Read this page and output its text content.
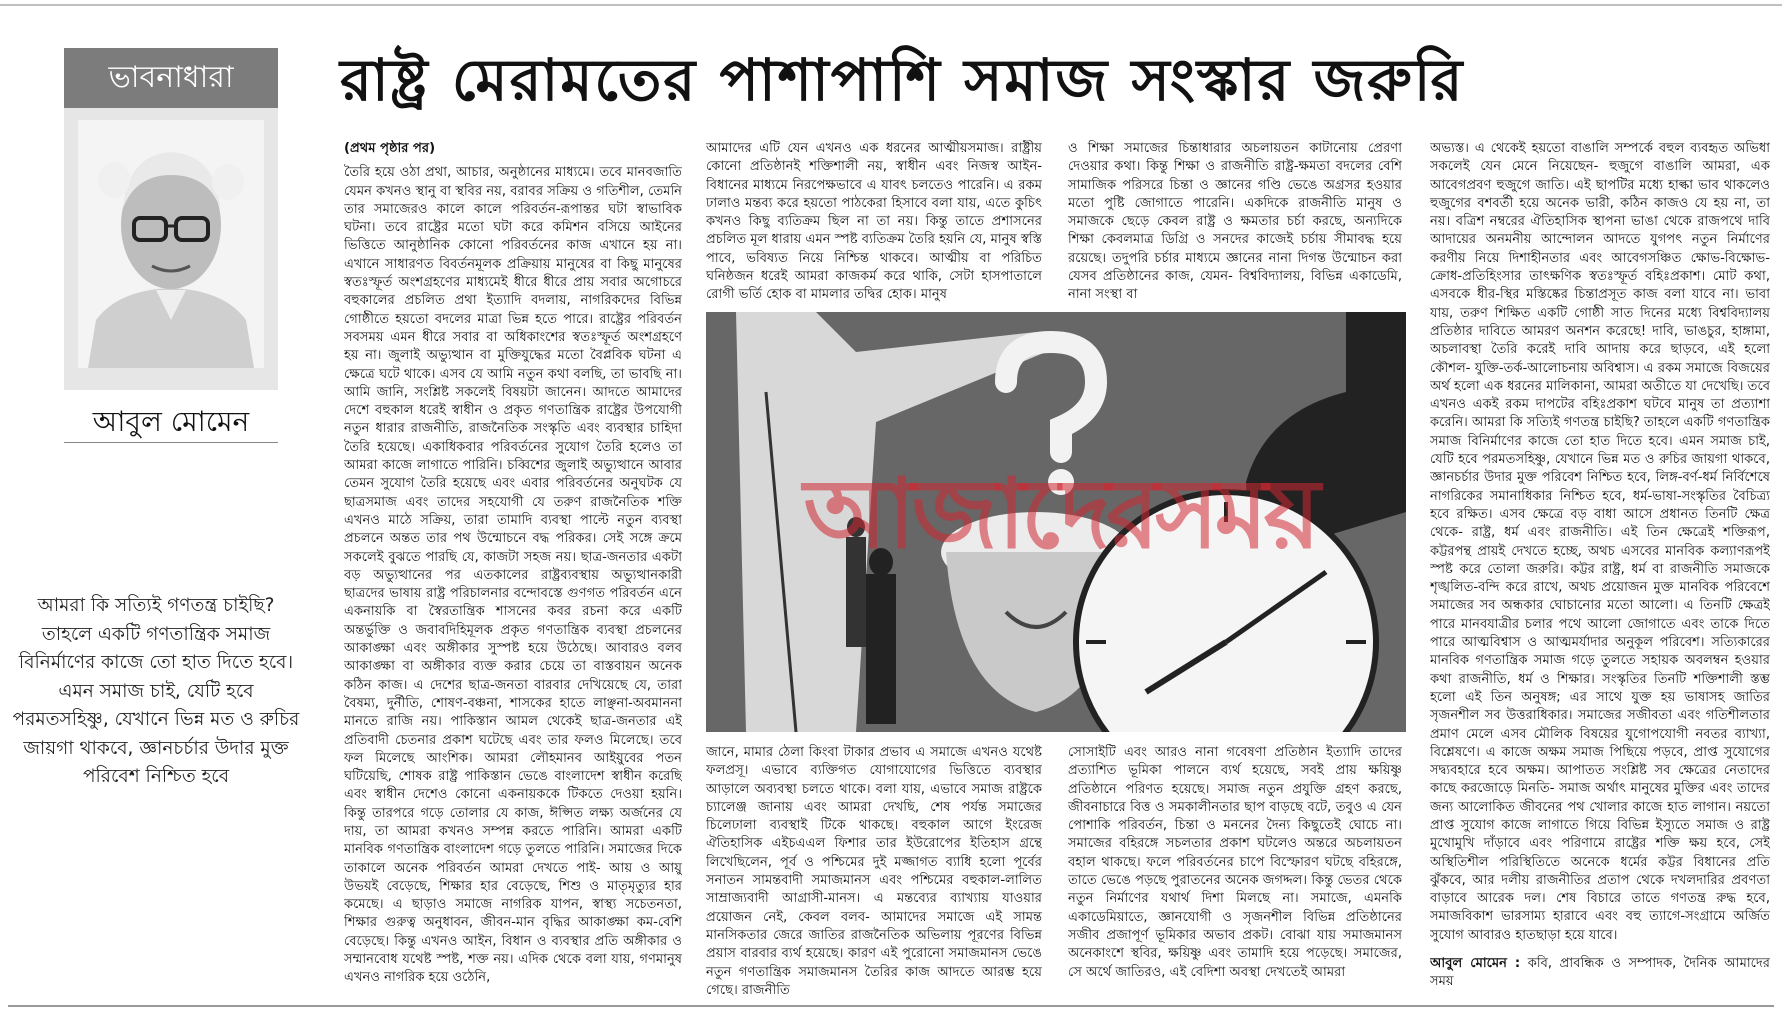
ভাবনাধারা	রাষ্ট্র মেরামতের পাশাপাশি সমাজ সংস্কার জরুরি
আবুল মোমেন
আমরা কি সত্যিই গণতন্ত্র চাইছি? তাহলে একটি গণতান্ত্রিক সমাজ বিনির্মাণের কাজে তো হাত দিতে হবে। এমন সমাজ চাই, যেটি হবে পরমতসহিষ্ণু, যেখানে ভিন্ন মত ও রুচির জায়গা থাকবে, জ্ঞানচর্চার উদার মুক্ত পরিবেশ নিশ্চিত হবে
(প্রথম পৃষ্ঠার পর)

তৈরি হয়ে ওঠা প্রথা, আচার, অনুষ্ঠানের মাধ্যমে। তবে মানবজাতি যেমন কখনও স্থানু বা স্থবির নয়, বরাবর সক্রিয় ও গতিশীল, তেমনি তার সমাজেরও কালে কালে পরিবর্তন-রূপান্তর ঘটা স্বাভাবিক ঘটনা। তবে রাষ্ট্রের মতো ঘটা করে কমিশন বসিয়ে আইনের ভিত্তিতে আনুষ্ঠানিক কোনো পরিবর্তনের কাজ এখানে হয় না। এখানে সাধারণত বিবর্তনমূলক প্রক্রিয়ায় মানুষের বা কিছু মানুষের স্বতঃস্ফূর্ত অংশগ্রহণের মাধ্যমেই ধীরে ধীরে প্রায় সবার অগোচরে বহুকালের প্রচলিত প্রথা ইত্যাদি বদলায়, নাগরিকদের বিভিন্ন গোষ্ঠীতে হয়তো বদলের মাত্রা ভিন্ন হতে পারে। রাষ্ট্রের পরিবর্তন সবসময় এমন ধীরে সবার বা অধিকাংশের স্বতঃস্ফূর্ত অংশগ্রহণে হয় না। জুলাই অভ্যুত্থান বা মুক্তিযুদ্ধের মতো বৈপ্লবিক ঘটনা এ ক্ষেত্রে ঘটে থাকে। এসব যে আমি নতুন কথা বলছি, তা ভাবছি না। আমি জানি, সংশ্লিষ্ট সকলেই বিষয়টা জানেন। আদতে আমাদের দেশে বহুকাল ধরেই স্বাধীন ও প্রকৃত গণতান্ত্রিক রাষ্ট্রের উপযোগী নতুন ধারার রাজনীতি, রাজনৈতিক সংস্কৃতি এবং ব্যবস্থার চাহিদা তৈরি হয়েছে। একাধিকবার পরিবর্তনের সুযোগ তৈরি হলেও তা আমরা কাজে লাগাতে পারিনি। চব্বিশের জুলাই অভ্যুত্থানে আবার তেমন সুযোগ তৈরি হয়েছে এবং এবার পরিবর্তনের অনুঘটক যে ছাত্রসমাজ এবং তাদের সহযোগী যে তরুণ রাজনৈতিক শক্তি এখনও মাঠে সক্রিয়, তারা তামাদি ব্যবস্থা পাল্টে নতুন ব্যবস্থা প্রচলনে অন্তত তার পথ উন্মোচনে বদ্ধ পরিকর। সেই সঙ্গে ক্রমে সকলেই বুঝতে পারছি যে, কাজটা সহজ নয়। ছাত্র-জনতার একটা বড় অভ্যুত্থানের পর এতকালের রাষ্ট্রব্যবস্থায় অভ্যুত্থানকারী ছাত্রদের ভাষায় রাষ্ট্র পরিচালনার বন্দোবস্তে গুণগত পরিবর্তন এনে একনায়কি বা স্বৈরতান্ত্রিক শাসনের কবর রচনা করে একটি অন্তর্ভুক্তি ও জবাবদিহিমূলক প্রকৃত গণতান্ত্রিক ব্যবস্থা প্রচলনের আকাঙ্ক্ষা এবং অঙ্গীকার সুস্পষ্ট হয়ে উঠেছে। আবারও বলব আকাঙ্ক্ষা বা অঙ্গীকার ব্যক্ত করার চেয়ে তা বাস্তবায়ন অনেক কঠিন কাজ। এ দেশের ছাত্র-জনতা বারবার দেখিয়েছে যে, তারা বৈষম্য, দুর্নীতি, শোষণ-বঞ্চনা, শাসকের হাতে লাঞ্ছনা-অবমাননা মানতে রাজি নয়। পাকিস্তান আমল থেকেই ছাত্র-জনতার এই প্রতিবাদী চেতনার প্রকাশ ঘটেছে এবং তার ফলও মিলেছে। তবে ফল মিলেছে আংশিক। আমরা লৌহমানব আইয়ুবের পতন ঘটিয়েছি, শোষক রাষ্ট্র পাকিস্তান ভেঙে বাংলাদেশ স্বাধীন করেছি এবং স্বাধীন দেশেও কোনো একনায়ককে টিকতে দেওয়া হয়নি। কিন্তু তারপরে গড়ে তোলার যে কাজ, ঈপ্সিত লক্ষ্য অর্জনের যে দায়, তা আমরা কখনও সম্পন্ন করতে পারিনি। আমরা একটি মানবিক গণতান্ত্রিক বাংলাদেশ গড়ে তুলতে পারিনি। সমাজের দিকে তাকালে অনেক পরিবর্তন আমরা দেখতে পাই- আয় ও আয়ু উভয়ই বেড়েছে, শিক্ষার হার বেড়েছে, শিশু ও মাতৃমৃত্যুর হার কমেছে। এ ছাড়াও সমাজে নাগরিক যাপন, স্বাস্থ্য সচেতনতা, শিক্ষার গুরুত্ব অনুধাবন, জীবন-মান বৃদ্ধির আকাঙ্ক্ষা কম-বেশি বেড়েছে। কিন্তু এখনও আইন, বিধান ও ব্যবস্থার প্রতি অঙ্গীকার ও সম্মানবোধ যথেষ্ট স্পষ্ট, শক্ত নয়। এদিক থেকে বলা যায়, গণমানুষ এখনও নাগরিক হয়ে ওঠেনি,

আমাদের এটি যেন এখনও এক ধরনের আত্মীয়সমাজ। রাষ্ট্রীয় কোনো প্রতিষ্ঠানই শক্তিশালী নয়, স্বাধীন এবং নিজস্ব আইন-বিধানের মাধ্যমে নিরপেক্ষভাবে এ যাবৎ চলতেও পারেনি। এ রকম ঢালাও মন্তব্য করে হয়তো পাঠকেরা হিসাবে বলা যায়, এতে কুচিৎ কখনও কিছু ব্যতিক্রম ছিল না তা নয়। কিন্তু তাতে প্রশাসনের প্রচলিত মূল ধারায় এমন স্পষ্ট ব্যতিক্রম তৈরি হয়নি যে, মানুষ স্বস্তি পাবে, ভবিষ্যত নিয়ে নিশ্চিন্ত থাকবে। আত্মীয় বা পরিচিত ঘনিষ্ঠজন ধরেই আমরা কাজকর্ম করে থাকি, সেটা হাসপাতালে রোগী ভর্তি হোক বা মামলার তদ্বির হোক। মানুষ

ও শিক্ষা সমাজের চিন্তাধারার অচলায়তন কাটানোয় প্রেরণা দেওয়ার কথা। কিন্তু শিক্ষা ও রাজনীতি রাষ্ট্র-ক্ষমতা বদলের বেশি সামাজিক পরিসরে চিন্তা ও জ্ঞানের গণ্ডি ভেঙে অগ্রসর হওয়ার মতো পুষ্টি জোগাতে পারেনি। একদিকে রাজনীতি মানুষ ও সমাজকে ছেড়ে কেবল রাষ্ট্র ও ক্ষমতার চর্চা করছে, অন্যদিকে শিক্ষা কেবলমাত্র ডিগ্রি ও সনদের কাজেই চর্চায় সীমাবদ্ধ হয়ে রয়েছে। তদুপরি চর্চার মাধ্যমে জ্ঞানের নানা দিগন্ত উন্মোচন করা যেসব প্রতিষ্ঠানের কাজ, যেমন- বিশ্ববিদ্যালয়, বিভিন্ন একাডেমি, নানা সংস্থা বা

আজাদেরসময়

জানে, মামার ঠেলা কিংবা টাকার প্রভাব এ সমাজে এখনও যথেষ্ট ফলপ্রসূ। এভাবে ব্যক্তিগত যোগাযোগের ভিত্তিতে ব্যবস্থার আড়ালে অব্যবস্থা চলতে থাকে। বলা যায়, এভাবে সমাজ রাষ্ট্রকে চ্যালেঞ্জ জানায় এবং আমরা দেখছি, শেষ পর্যন্ত সমাজের চিলেঢালা ব্যবস্থাই টিকে থাকছে। বহুকাল আগে ইংরেজ ঐতিহাসিক এইচএএল ফিশার তার ইউরোপের ইতিহাস গ্রন্থে লিখেছিলেন, পূর্ব ও পশ্চিমের দুই মজ্জাগত ব্যাধি হলো পূর্বের সনাতন সামন্তবাদী সমাজমানস এবং পশ্চিমের বহুকাল-লালিত সাম্রাজ্যবাদী আগ্রাসী-মানস। এ মন্তব্যের ব্যাখ্যায় যাওয়ার প্রয়োজন নেই, কেবল বলব- আমাদের সমাজে এই সামন্ত মানসিকতার জেরে জাতির রাজনৈতিক অভিলায় পূরণের বিভিন্ন প্রয়াস বারবার ব্যর্থ হয়েছে। কারণ এই পুরোনো সমাজমানস ভেঙে নতুন গণতান্ত্রিক সমাজমানস তৈরির কাজ আদতে আরম্ভ হয়ে গেছে। রাজনীতি

সোসাইটি এবং আরও নানা গবেষণা প্রতিষ্ঠান ইত্যাদি তাদের প্রত্যাশিত ভূমিকা পালনে ব্যর্থ হয়েছে, সবই প্রায় ক্ষয়িষ্ণু প্রতিষ্ঠানে পরিণত হয়েছে। সমাজ নতুন প্রযুক্তি গ্রহণ করছে, জীবনাচারে বিত্ত ও সমকালীনতার ছাপ বাড়ছে বটে, তবুও এ যেন পোশাকি পরিবর্তন, চিন্তা ও মননের দৈন্য কিছুতেই ঘোচে না। সমাজের বহিরঙ্গে সচলতার প্রকাশ ঘটলেও অন্তরে অচলায়তন বহাল থাকছে। ফলে পরিবর্তনের চাপে বিস্ফোরণ ঘটছে বহিরঙ্গে, তাতে ভেঙে পড়ছে পুরাতনের অনেক জগদ্দল। কিন্তু ভেতর থেকে নতুন নির্মাণের যথার্থ দিশা মিলছে না। সমাজে, এমনকি একাডেমিয়াতে, জ্ঞানযোগী ও সৃজনশীল বিভিন্ন প্রতিষ্ঠানের সজীব প্রজাপূর্ণ ভূমিকার অভাব প্রকট। বোঝা যায় সমাজমানস অনেকাংশে স্থবির, ক্ষয়িষ্ণু এবং তামাদি হয়ে পড়েছে। সমাজের, সে অর্থে জাতিরও, এই বেদিশা অবস্থা দেখতেই আমরা

অভ্যস্ত। এ থেকেই হয়তো বাঙালি সম্পর্কে বহুল ব্যবহৃত অভিধা সকলেই যেন মেনে নিয়েছেন- হুজুগে বাঙালি আমরা, এক আবেগপ্রবণ হুজুগে জাতি। এই ছাপটির মধ্যে হাল্কা ভাব থাকলেও হুজুগের বশবর্তী হয়ে অনেক ভারী, কঠিন কাজও যে হয় না, তা নয়। বত্রিশ নম্বরের ঐতিহাসিক স্থাপনা ভাঙা থেকে রাজপথে দাবি আদায়ের অনমনীয় আন্দোলন আদতে যুগপৎ নতুন নির্মাণের করণীয় নিয়ে দিশাহীনতার এবং আবেগসঞ্চিত ক্ষোভ-বিক্ষোভ-ক্রোধ-প্রতিহিংসার তাৎক্ষণিক স্বতঃস্ফূর্ত বহিঃপ্রকাশ। মোট কথা, এসবকে ধীর-স্থির মস্তিষ্কের চিন্তাপ্রসূত কাজ বলা যাবে না। ভাবা যায়, তরুণ শিক্ষিত একটি গোষ্ঠী সাত দিনের মধ্যে বিশ্ববিদ্যালয় প্রতিষ্ঠার দাবিতে আমরণ অনশন করেছে! দাবি, ভাঙচুর, হাঙ্গামা, অচলাবস্থা তৈরি করেই দাবি আদায় করে ছাড়বে, এই হলো কৌশল- যুক্তি-তর্ক-আলোচনায় অবিশ্বাস। এ রকম সমাজে বিজয়ের অর্থ হলো এক ধরনের মালিকানা, আমরা অতীতে যা দেখেছি। তবে এখনও একই রকম দাপটের বহিঃপ্রকাশ ঘটবে মানুষ তা প্রত্যাশা করেনি। আমরা কি সত্যিই গণতন্ত্র চাইছি? তাহলে একটি গণতান্ত্রিক সমাজ বিনির্মাণের কাজে তো হাত দিতে হবে। এমন সমাজ চাই, যেটি হবে পরমতসহিষ্ণু, যেখানে ভিন্ন মত ও রুচির জায়গা থাকবে, জ্ঞানচর্চার উদার মুক্ত পরিবেশ নিশ্চিত হবে, লিঙ্গ-বর্ণ-ধর্ম নির্বিশেষে নাগরিকের সমানাধিকার নিশ্চিত হবে, ধর্ম-ভাষা-সংস্কৃতির বৈচিত্র্য হবে রক্ষিত। এসব ক্ষেত্রে বড় বাধা আসে প্রধানত তিনটি ক্ষেত্র থেকে- রাষ্ট্র, ধর্ম এবং রাজনীতি। এই তিন ক্ষেত্রেই শক্তিরূপ, কট্টরপন্থ প্রায়ই দেখতে হচ্ছে, অথচ এসবের মানবিক কল্যাণরূপই স্পষ্ট করে তোলা জরুরি। কট্টর রাষ্ট্র, ধর্ম বা রাজনীতি সমাজকে শৃঙ্খলিত-বন্দি করে রাখে, অথচ প্রয়োজন মুক্ত মানবিক পরিবেশে সমাজের সব অন্ধকার ঘোচানোর মতো আলো। এ তিনটি ক্ষেত্রই পারে মানবযাত্রীর চলার পথে আলো জোগাতে এবং তাকে দিতে পারে আত্মবিশ্বাস ও আত্মমর্যাদার অনুকূল পরিবেশ। সত্যিকারের মানবিক গণতান্ত্রিক সমাজ গড়ে তুলতে সহায়ক অবলম্বন হওয়ার কথা রাজনীতি, ধর্ম ও শিক্ষার। সংস্কৃতির তিনটি শক্তিশালী স্তম্ভ হলো এই তিন অনুষঙ্গ; এর সাথে যুক্ত হয় ভাষাসহ জাতির সৃজনশীল সব উত্তরাধিকার। সমাজের সজীবতা এবং গতিশীলতার প্রমাণ মেলে এসব মৌলিক বিষয়ের যুগোপযোগী নবতর ব্যাখ্যা, বিশ্লেষণে। এ কাজে অক্ষম সমাজ পিছিয়ে পড়বে, প্রাপ্ত সুযোগের সদ্ব্যবহারে হবে অক্ষম। আপাতত সংশ্লিষ্ট সব ক্ষেত্রের নেতাদের কাছে করজোড়ে মিনতি- সমাজ অর্থাৎ মানুষের মুক্তির এবং তাদের জন্য আলোকিত জীবনের পথ খোলার কাজে হাত লাগান। নয়তো প্রাপ্ত সুযোগ কাজে লাগাতে গিয়ে বিভিন্ন ইস্যুতে সমাজ ও রাষ্ট্র মুখোমুখি দাঁড়াবে এবং পরিণামে রাষ্ট্রের শক্তি ক্ষয় হবে, সেই অস্থিতিশীল পরিস্থিতিতে অনেকে ধর্মের কট্টর বিধানের প্রতি ঝুঁকবে, আর দলীয় রাজনীতির প্রতাপ থেকে দখলদারির প্রবণতা বাড়াবে আরেক দল। শেষ বিচারে তাতে গণতন্ত্র রুদ্ধ হবে, সমাজবিকাশ ভারসাম্য হারাবে এবং বহু ত্যাগে-সংগ্রামে অর্জিত সুযোগ আবারও হাতছাড়া হয়ে যাবে।

আবুল মোমেন : কবি, প্রাবন্ধিক ও সম্পাদক, দৈনিক আমাদের সময়
